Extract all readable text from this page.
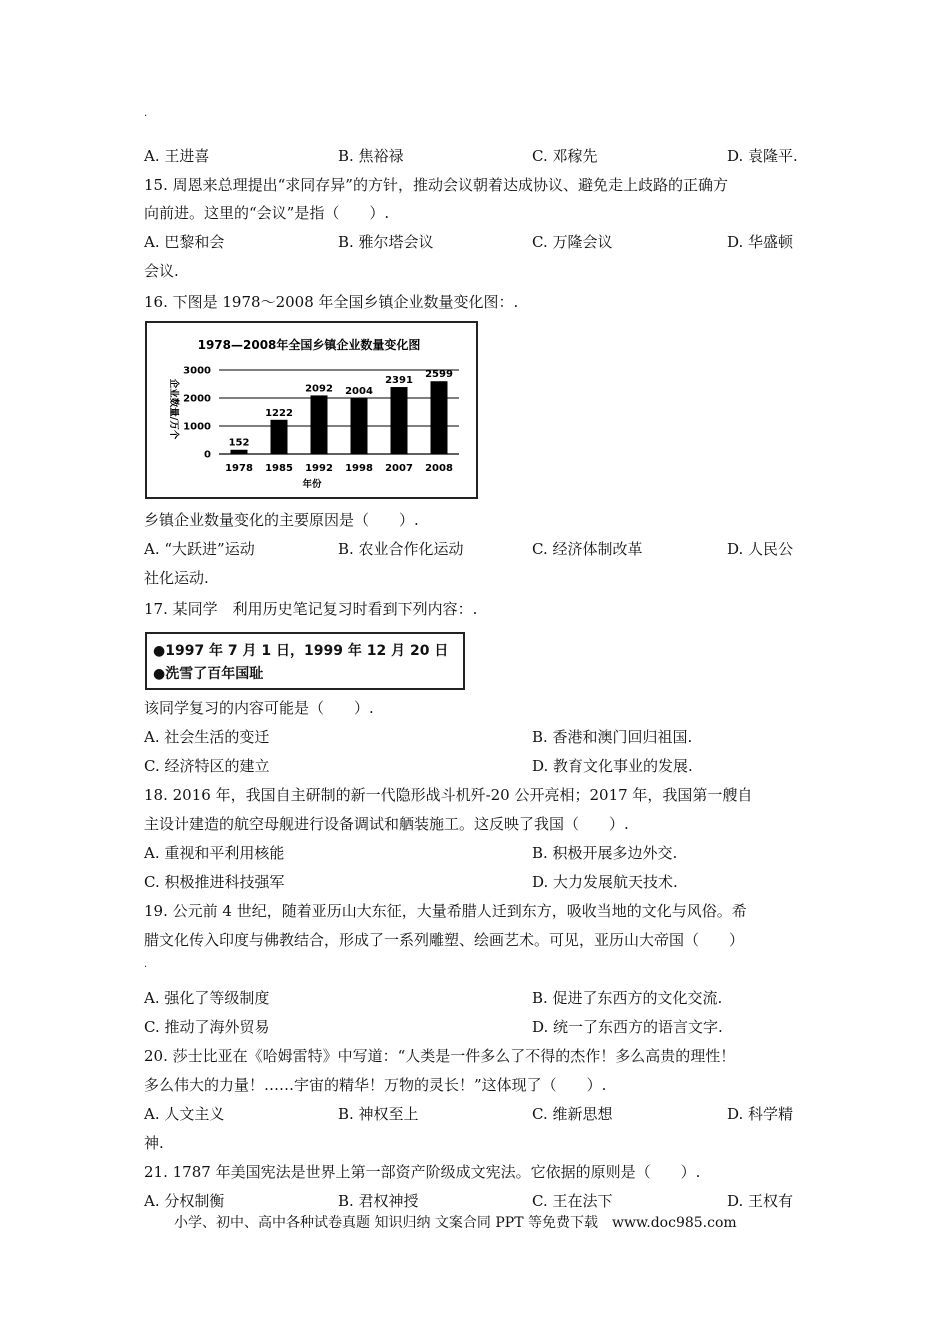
.
A. 王进喜	B. 焦裕禄	C. 邓稼先	D. 袁隆平.
15. 周恩来总理提出“求同存异”的方针，推动会议朝着达成协议、避免走上歧路的正确方
向前进。这里的“会议”是指（　　）.
A. 巴黎和会	B. 雅尔塔会议	C. 万隆会议	D. 华盛顿
会议.
16. 下图是 1978～2008 年全国乡镇企业数量变化图：.
1978—2008年全国乡镇企业数量变化图
0
1000
2000
3000
1978 1985 1992 1998 2007 2008
152
1222
2092 2004
2391
2599
年份
企业数量/万个
乡镇企业数量变化的主要原因是（　　）.
A. “大跃进”运动	B. 农业合作化运动	C. 经济体制改革	D. 人民公
社化运动.
17. 某同学　利用历史笔记复习时看到下列内容：.
●1997 年 7 月 1 日，1999 年 12 月 20 日
●洗雪了百年国耻
该同学复习的内容可能是（　　）.
A. 社会生活的变迁	B. 香港和澳门回归祖国.
C. 经济特区的建立	D. 教育文化事业的发展.
18. 2016 年，我国自主研制的新一代隐形战斗机歼-20 公开亮相；2017 年，我国第一艘自
主设计建造的航空母舰进行设备调试和舾装施工。这反映了我国（　　）.
A. 重视和平利用核能	B. 积极开展多边外交.
C. 积极推进科技强军	D. 大力发展航天技术.
19. 公元前 4 世纪，随着亚历山大东征，大量希腊人迁到东方，吸收当地的文化与风俗。希
腊文化传入印度与佛教结合，形成了一系列雕塑、绘画艺术。可见，亚历山大帝国（　　）
.
A. 强化了等级制度	B. 促进了东西方的文化交流.
C. 推动了海外贸易	D. 统一了东西方的语言文字.
20. 莎士比亚在《哈姆雷特》中写道：“人类是一件多么了不得的杰作！多么高贵的理性！
多么伟大的力量！……宇宙的精华！万物的灵长！”这体现了（　　）.
A. 人文主义	B. 神权至上	C. 维新思想	D. 科学精
神.
21. 1787 年美国宪法是世界上第一部资产阶级成文宪法。它依据的原则是（　　）.
A. 分权制衡	B. 君权神授	C. 王在法下	D. 王权有
小学、初中、高中各种试卷真题 知识归纳 文案合同 PPT 等免费下载　www.doc985.com
